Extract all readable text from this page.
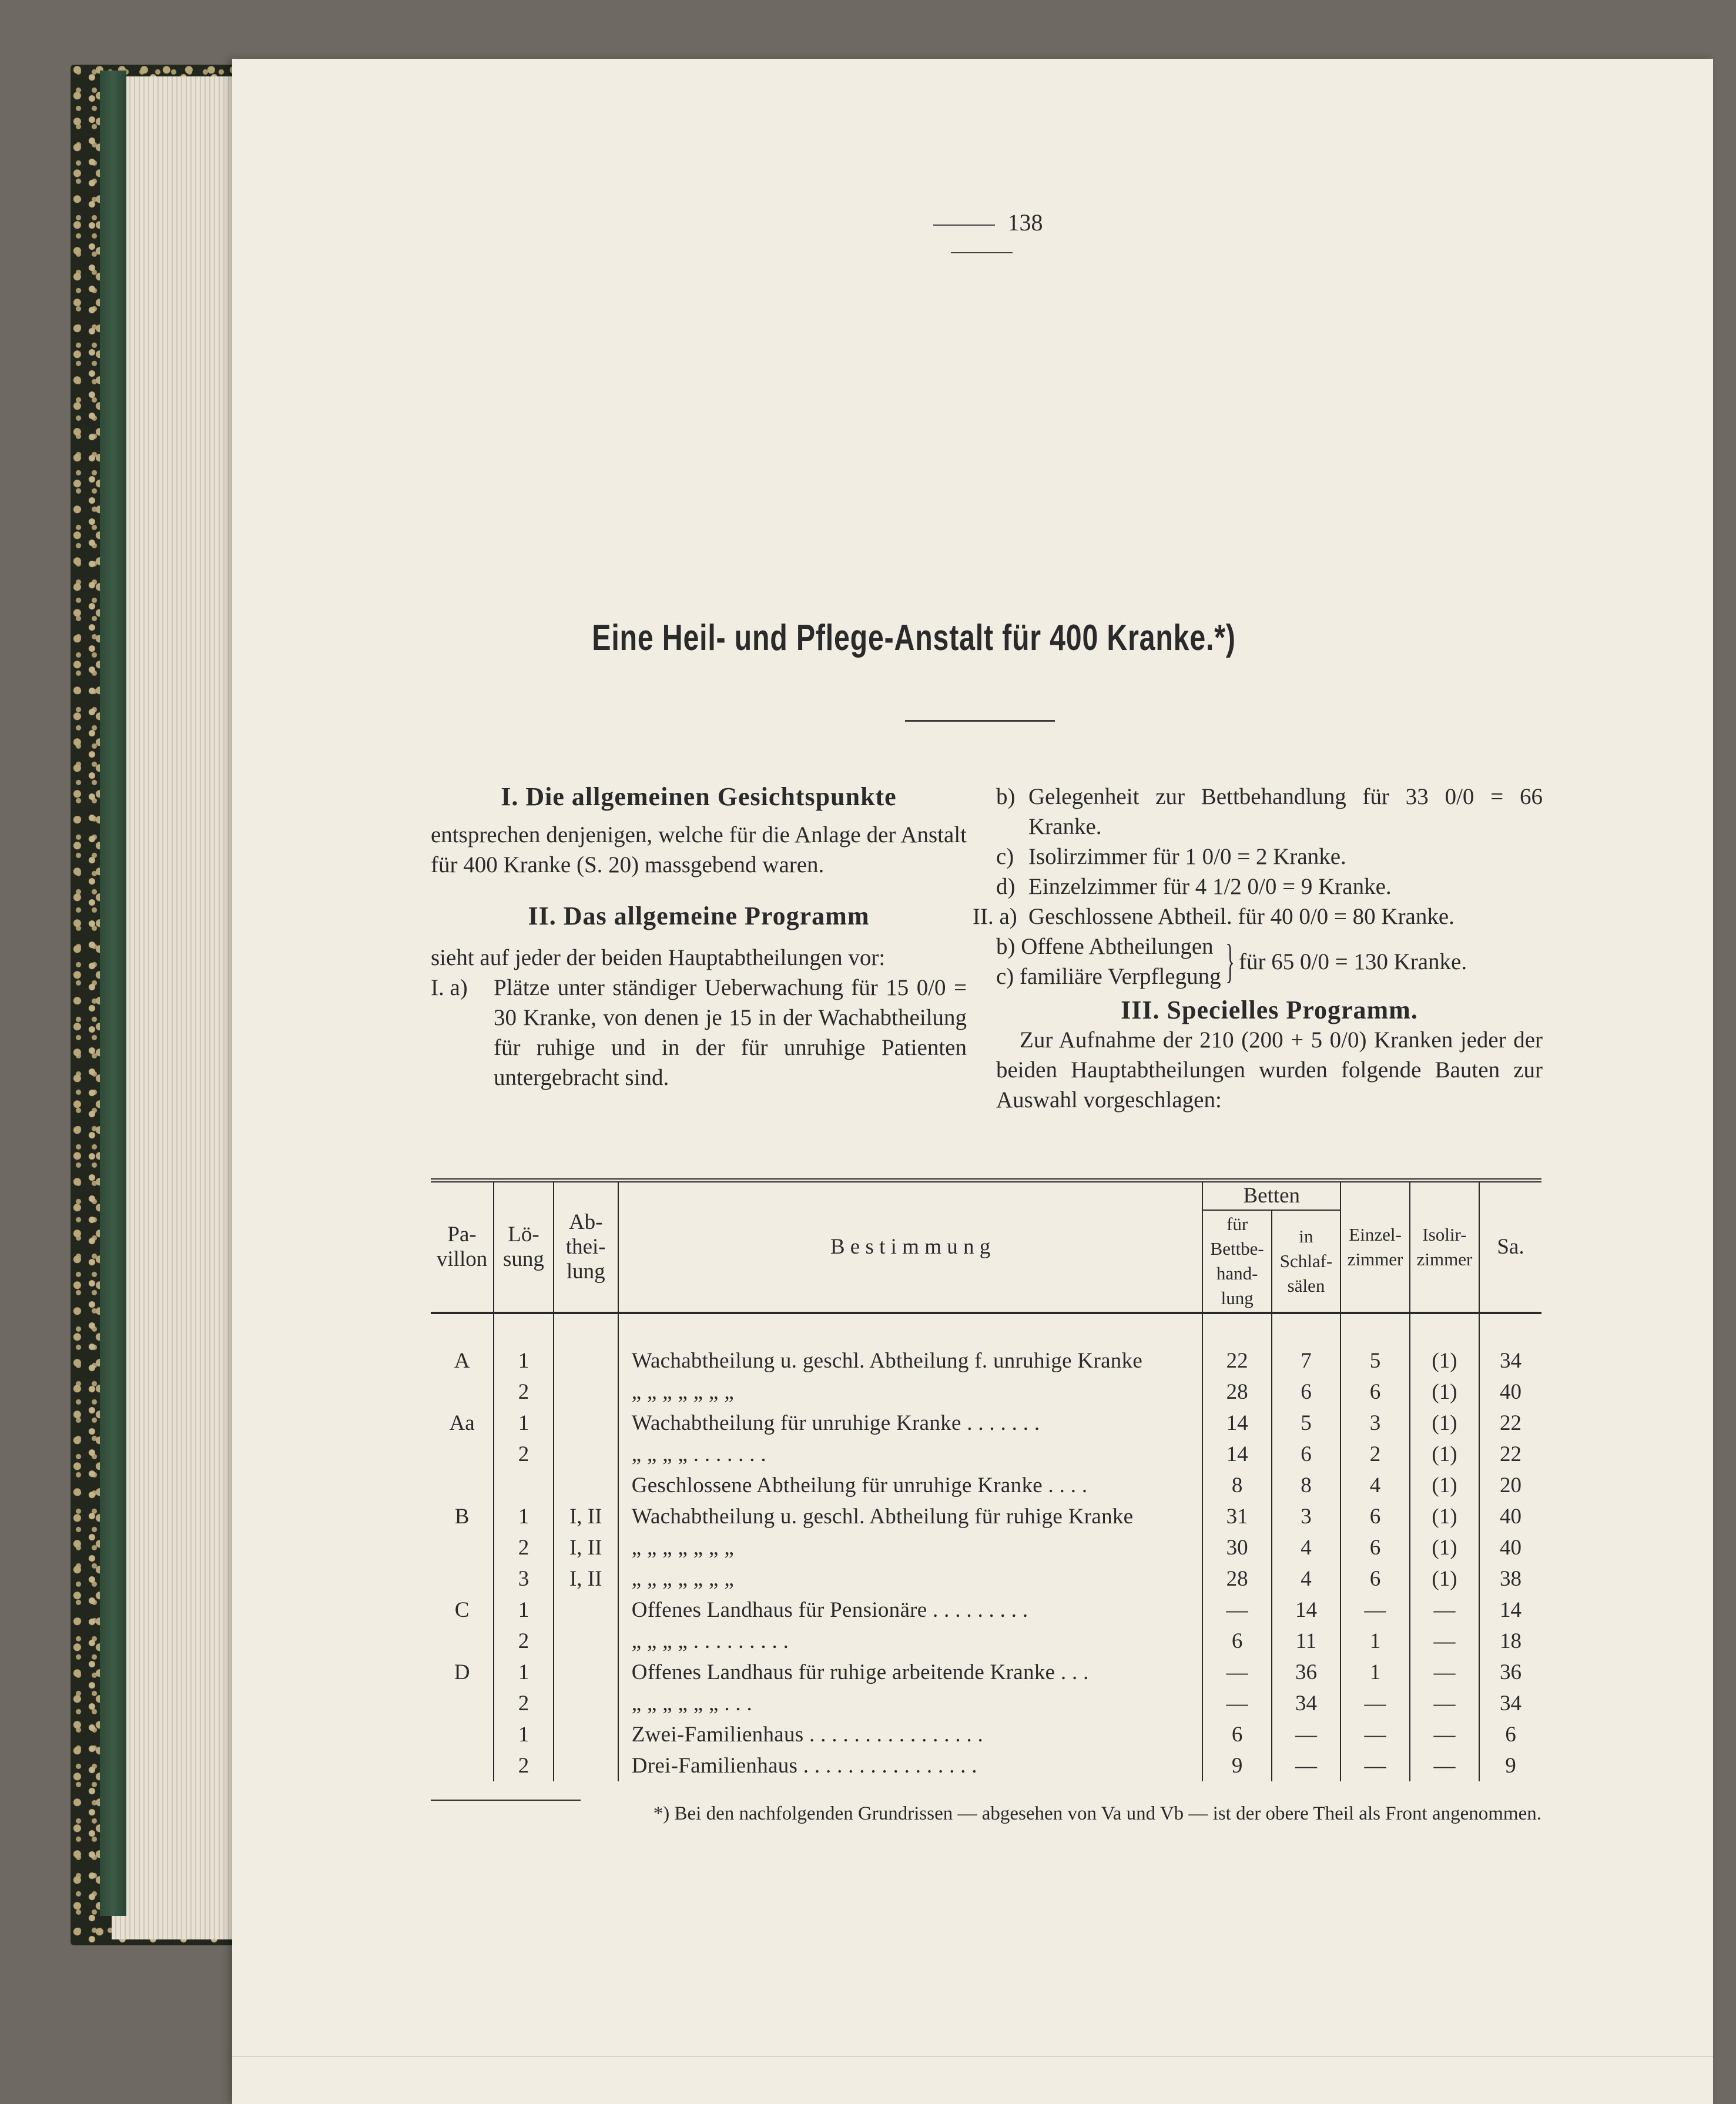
138
Eine Heil- und Pflege-Anstalt für 400 Kranke.*)

I. Die allgemeinen Gesichtspunkte

entsprechen denjenigen, welche für die Anlage der Anstalt für 400 Kranke (S. 20) massgebend waren.

II. Das allgemeine Programm

sieht auf jeder der beiden Hauptabtheilungen vor:

I. a)	Plätze unter ständiger Ueberwachung für 15 0/0 = 30 Kranke, von denen je 15 in der Wachabtheilung für ruhige und in der für unruhige Patienten untergebracht sind.
b) Gelegenheit zur Bettbehandlung für 33 0/0 = 66 Kranke.
c) Isolirzimmer für 1 0/0 = 2 Kranke.
d) Einzelzimmer für 4 1/2 0/0 = 9 Kranke.
II. a) Geschlossene Abtheil. für 40 0/0 = 80 Kranke.
b) Offene Abtheilungen
c) familiäre Verpflegung } für 65 0/0 = 130 Kranke.

III. Specielles Programm.

Zur Aufnahme der 210 (200 + 5 0/0) Kranken jeder der beiden Hauptabtheilungen wurden folgende Bauten zur Auswahl vorgeschlagen:

Pa-villon	Lö-sung	Ab-thei-lung	B e s t i m m u n g	Betten		Einzel-zimmer	Isolir-zimmer	Sa.
				für Bettbe-hand-lung	in Schlaf-sälen			

A	1		Wachabtheilung u. geschl. Abtheilung f. unruhige Kranke	22	7	5	(1)	34
	2		„ „ „ „ „ „ „	28	6	6	(1)	40
Aa	1		Wachabtheilung für unruhige Kranke . . . . . . .	14	5	3	(1)	22
	2		„ „ „ „ . . . . . . .	14	6	2	(1)	22
			Geschlossene Abtheilung für unruhige Kranke . . . .	8	8	4	(1)	20
B	1	I, II	Wachabtheilung u. geschl. Abtheilung für ruhige Kranke	31	3	6	(1)	40
	2	I, II	„ „ „ „ „ „ „	30	4	6	(1)	40
	3	I, II	„ „ „ „ „ „ „	28	4	6	(1)	38
C	1		Offenes Landhaus für Pensionäre . . . . . . . . .	—	14	—	—	14
	2		„ „ „ „ . . . . . . . . .	6	11	1	—	18
D	1		Offenes Landhaus für ruhige arbeitende Kranke . . .	—	36	1	—	36
	2		„ „ „ „ „ „ . . .	—	34	—	—	34
	1		Zwei-Familienhaus . . . . . . . . . . . . . . . .	6	—	—	—	6
	2		Drei-Familienhaus . . . . . . . . . . . . . . . .	9	—	—	—	9
*) Bei den nachfolgenden Grundrissen — abgesehen von Va und Vb — ist der obere Theil als Front angenommen.
